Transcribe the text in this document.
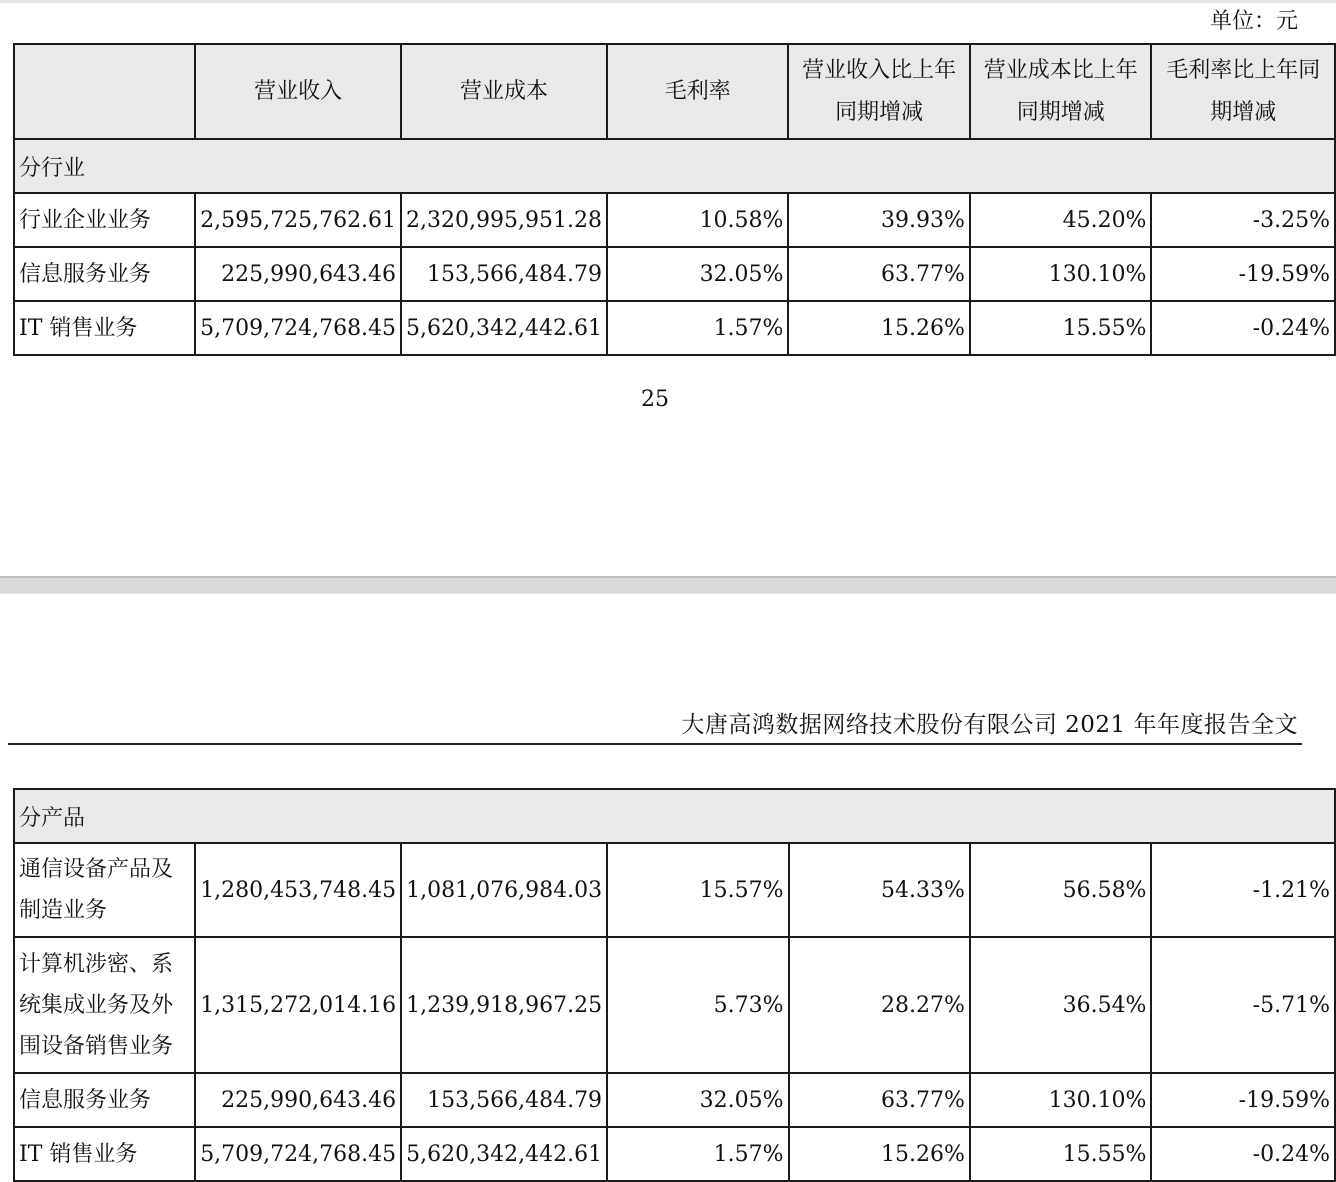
单位：元
	营业收入	营业成本	毛利率	营业收入比上年同期增减	营业成本比上年同期增减	毛利率比上年同期增减
分行业						
行业企业业务	2,595,725,762.61	2,320,995,951.28	10.58%	39.93%	45.20%	-3.25%
信息服务业务	225,990,643.46	153,566,484.79	32.05%	63.77%	130.10%	-19.59%
IT 销售业务	5,709,724,768.45	5,620,342,442.61	1.57%	15.26%	15.55%	-0.24%
25
大唐高鸿数据网络技术股份有限公司 2021 年年度报告全文
分产品						
通信设备产品及制造业务	1,280,453,748.45	1,081,076,984.03	15.57%	54.33%	56.58%	-1.21%
计算机涉密、系统集成业务及外围设备销售业务	1,315,272,014.16	1,239,918,967.25	5.73%	28.27%	36.54%	-5.71%
信息服务业务	225,990,643.46	153,566,484.79	32.05%	63.77%	130.10%	-19.59%
IT 销售业务	5,709,724,768.45	5,620,342,442.61	1.57%	15.26%	15.55%	-0.24%
